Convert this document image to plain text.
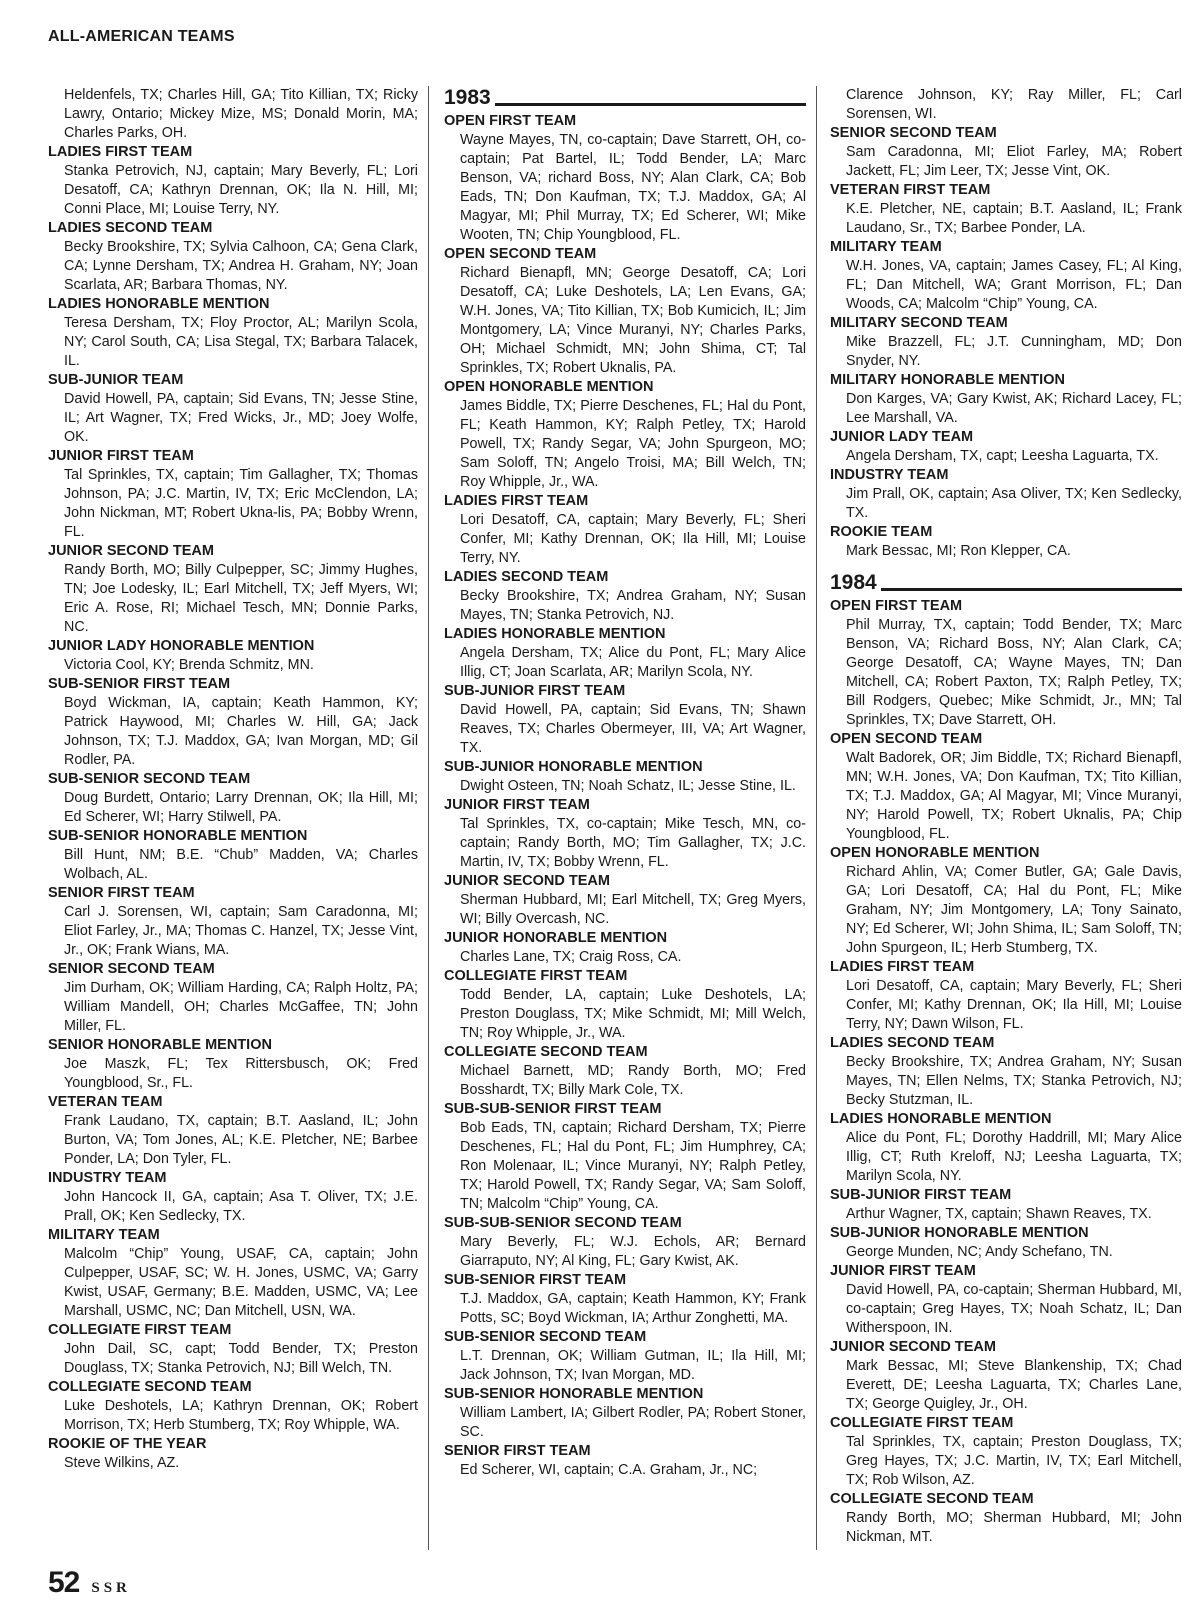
ALL-AMERICAN TEAMS
Heldenfels, TX; Charles Hill, GA; Tito Killian, TX; Ricky Lawry, Ontario; Mickey Mize, MS; Donald Morin, MA; Charles Parks, OH.
LADIES FIRST TEAM
Stanka Petrovich, NJ, captain; Mary Beverly, FL; Lori Desatoff, CA; Kathryn Drennan, OK; Ila N. Hill, MI; Conni Place, MI; Louise Terry, NY.
LADIES SECOND TEAM
Becky Brookshire, TX; Sylvia Calhoon, CA; Gena Clark, CA; Lynne Dersham, TX; Andrea H. Graham, NY; Joan Scarlata, AR; Barbara Thomas, NY.
LADIES HONORABLE MENTION
Teresa Dersham, TX; Floy Proctor, AL; Marilyn Scola, NY; Carol South, CA; Lisa Stegal, TX; Barbara Talacek, IL.
SUB-JUNIOR TEAM
David Howell, PA, captain; Sid Evans, TN; Jesse Stine, IL; Art Wagner, TX; Fred Wicks, Jr., MD; Joey Wolfe, OK.
JUNIOR FIRST TEAM
Tal Sprinkles, TX, captain; Tim Gallagher, TX; Thomas Johnson, PA; J.C. Martin, IV, TX; Eric McClendon, LA; John Nickman, MT; Robert Ukna-lis, PA; Bobby Wrenn, FL.
JUNIOR SECOND TEAM
Randy Borth, MO; Billy Culpepper, SC; Jimmy Hughes, TN; Joe Lodesky, IL; Earl Mitchell, TX; Jeff Myers, WI; Eric A. Rose, RI; Michael Tesch, MN; Donnie Parks, NC.
JUNIOR LADY HONORABLE MENTION
Victoria Cool, KY; Brenda Schmitz, MN.
SUB-SENIOR FIRST TEAM
Boyd Wickman, IA, captain; Keath Hammon, KY; Patrick Haywood, MI; Charles W. Hill, GA; Jack Johnson, TX; T.J. Maddox, GA; Ivan Morgan, MD; Gil Rodler, PA.
SUB-SENIOR SECOND TEAM
Doug Burdett, Ontario; Larry Drennan, OK; Ila Hill, MI; Ed Scherer, WI; Harry Stilwell, PA.
SUB-SENIOR HONORABLE MENTION
Bill Hunt, NM; B.E. “Chub” Madden, VA; Charles Wolbach, AL.
SENIOR FIRST TEAM
Carl J. Sorensen, WI, captain; Sam Caradonna, MI; Eliot Farley, Jr., MA; Thomas C. Hanzel, TX; Jesse Vint, Jr., OK; Frank Wians, MA.
SENIOR SECOND TEAM
Jim Durham, OK; William Harding, CA; Ralph Holtz, PA; William Mandell, OH; Charles McGaffee, TN; John Miller, FL.
SENIOR HONORABLE MENTION
Joe Maszk, FL; Tex Rittersbusch, OK; Fred Youngblood, Sr., FL.
VETERAN TEAM
Frank Laudano, TX, captain; B.T. Aasland, IL; John Burton, VA; Tom Jones, AL; K.E. Pletcher, NE; Barbee Ponder, LA; Don Tyler, FL.
INDUSTRY TEAM
John Hancock II, GA, captain; Asa T. Oliver, TX; J.E. Prall, OK; Ken Sedlecky, TX.
MILITARY TEAM
Malcolm “Chip” Young, USAF, CA, captain; John Culpepper, USAF, SC; W. H. Jones, USMC, VA; Garry Kwist, USAF, Germany; B.E. Madden, USMC, VA; Lee Marshall, USMC, NC; Dan Mitchell, USN, WA.
COLLEGIATE FIRST TEAM
John Dail, SC, capt; Todd Bender, TX; Preston Douglass, TX; Stanka Petrovich, NJ; Bill Welch, TN.
COLLEGIATE SECOND TEAM
Luke Deshotels, LA; Kathryn Drennan, OK; Robert Morrison, TX; Herb Stumberg, TX; Roy Whipple, WA.
ROOKIE OF THE YEAR
Steve Wilkins, AZ.
1983
OPEN FIRST TEAM
Wayne Mayes, TN, co-captain; Dave Starrett, OH, co-captain; Pat Bartel, IL; Todd Bender, LA; Marc Benson, VA; richard Boss, NY; Alan Clark, CA; Bob Eads, TN; Don Kaufman, TX; T.J. Maddox, GA; Al Magyar, MI; Phil Murray, TX; Ed Scherer, WI; Mike Wooten, TN; Chip Youngblood, FL.
OPEN SECOND TEAM
Richard Bienapfl, MN; George Desatoff, CA; Lori Desatoff, CA; Luke Deshotels, LA; Len Evans, GA; W.H. Jones, VA; Tito Killian, TX; Bob Kumicich, IL; Jim Montgomery, LA; Vince Muranyi, NY; Charles Parks, OH; Michael Schmidt, MN; John Shima, CT; Tal Sprinkles, TX; Robert Uknalis, PA.
OPEN HONORABLE MENTION
James Biddle, TX; Pierre Deschenes, FL; Hal du Pont, FL; Keath Hammon, KY; Ralph Petley, TX; Harold Powell, TX; Randy Segar, VA; John Spurgeon, MO; Sam Soloff, TN; Angelo Troisi, MA; Bill Welch, TN; Roy Whipple, Jr., WA.
LADIES FIRST TEAM
Lori Desatoff, CA, captain; Mary Beverly, FL; Sheri Confer, MI; Kathy Drennan, OK; Ila Hill, MI; Louise Terry, NY.
LADIES SECOND TEAM
Becky Brookshire, TX; Andrea Graham, NY; Susan Mayes, TN; Stanka Petrovich, NJ.
LADIES HONORABLE MENTION
Angela Dersham, TX; Alice du Pont, FL; Mary Alice Illig, CT; Joan Scarlata, AR; Marilyn Scola, NY.
SUB-JUNIOR FIRST TEAM
David Howell, PA, captain; Sid Evans, TN; Shawn Reaves, TX; Charles Obermeyer, III, VA; Art Wagner, TX.
SUB-JUNIOR HONORABLE MENTION
Dwight Osteen, TN; Noah Schatz, IL; Jesse Stine, IL.
JUNIOR FIRST TEAM
Tal Sprinkles, TX, co-captain; Mike Tesch, MN, co-captain; Randy Borth, MO; Tim Gallagher, TX; J.C. Martin, IV, TX; Bobby Wrenn, FL.
JUNIOR SECOND TEAM
Sherman Hubbard, MI; Earl Mitchell, TX; Greg Myers, WI; Billy Overcash, NC.
JUNIOR HONORABLE MENTION
Charles Lane, TX; Craig Ross, CA.
COLLEGIATE FIRST TEAM
Todd Bender, LA, captain; Luke Deshotels, LA; Preston Douglass, TX; Mike Schmidt, MI; Mill Welch, TN; Roy Whipple, Jr., WA.
COLLEGIATE SECOND TEAM
Michael Barnett, MD; Randy Borth, MO; Fred Bosshardt, TX; Billy Mark Cole, TX.
SUB-SUB-SENIOR FIRST TEAM
Bob Eads, TN, captain; Richard Dersham, TX; Pierre Deschenes, FL; Hal du Pont, FL; Jim Humphrey, CA; Ron Molenaar, IL; Vince Muranyi, NY; Ralph Petley, TX; Harold Powell, TX; Randy Segar, VA; Sam Soloff, TN; Malcolm “Chip” Young, CA.
SUB-SUB-SENIOR SECOND TEAM
Mary Beverly, FL; W.J. Echols, AR; Bernard Giarraputo, NY; Al King, FL; Gary Kwist, AK.
SUB-SENIOR FIRST TEAM
T.J. Maddox, GA, captain; Keath Hammon, KY; Frank Potts, SC; Boyd Wickman, IA; Arthur Zonghetti, MA.
SUB-SENIOR SECOND TEAM
L.T. Drennan, OK; William Gutman, IL; Ila Hill, MI; Jack Johnson, TX; Ivan Morgan, MD.
SUB-SENIOR HONORABLE MENTION
William Lambert, IA; Gilbert Rodler, PA; Robert Stoner, SC.
SENIOR FIRST TEAM
Ed Scherer, WI, captain; C.A. Graham, Jr., NC;
Clarence Johnson, KY; Ray Miller, FL; Carl Sorensen, WI.
SENIOR SECOND TEAM
Sam Caradonna, MI; Eliot Farley, MA; Robert Jackett, FL; Jim Leer, TX; Jesse Vint, OK.
VETERAN FIRST TEAM
K.E. Pletcher, NE, captain; B.T. Aasland, IL; Frank Laudano, Sr., TX; Barbee Ponder, LA.
MILITARY TEAM
W.H. Jones, VA, captain; James Casey, FL; Al King, FL; Dan Mitchell, WA; Grant Morrison, FL; Dan Woods, CA; Malcolm “Chip” Young, CA.
MILITARY SECOND TEAM
Mike Brazzell, FL; J.T. Cunningham, MD; Don Snyder, NY.
MILITARY HONORABLE MENTION
Don Karges, VA; Gary Kwist, AK; Richard Lacey, FL; Lee Marshall, VA.
JUNIOR LADY TEAM
Angela Dersham, TX, capt; Leesha Laguarta, TX.
INDUSTRY TEAM
Jim Prall, OK, captain; Asa Oliver, TX; Ken Sedlecky, TX.
ROOKIE TEAM
Mark Bessac, MI; Ron Klepper, CA.
1984
OPEN FIRST TEAM
Phil Murray, TX, captain; Todd Bender, TX; Marc Benson, VA; Richard Boss, NY; Alan Clark, CA; George Desatoff, CA; Wayne Mayes, TN; Dan Mitchell, CA; Robert Paxton, TX; Ralph Petley, TX; Bill Rodgers, Quebec; Mike Schmidt, Jr., MN; Tal Sprinkles, TX; Dave Starrett, OH.
OPEN SECOND TEAM
Walt Badorek, OR; Jim Biddle, TX; Richard Bienapfl, MN; W.H. Jones, VA; Don Kaufman, TX; Tito Killian, TX; T.J. Maddox, GA; Al Magyar, MI; Vince Muranyi, NY; Harold Powell, TX; Robert Uknalis, PA; Chip Youngblood, FL.
OPEN HONORABLE MENTION
Richard Ahlin, VA; Comer Butler, GA; Gale Davis, GA; Lori Desatoff, CA; Hal du Pont, FL; Mike Graham, NY; Jim Montgomery, LA; Tony Sainato, NY; Ed Scherer, WI; John Shima, IL; Sam Soloff, TN; John Spurgeon, IL; Herb Stumberg, TX.
LADIES FIRST TEAM
Lori Desatoff, CA, captain; Mary Beverly, FL; Sheri Confer, MI; Kathy Drennan, OK; Ila Hill, MI; Louise Terry, NY; Dawn Wilson, FL.
LADIES SECOND TEAM
Becky Brookshire, TX; Andrea Graham, NY; Susan Mayes, TN; Ellen Nelms, TX; Stanka Petrovich, NJ; Becky Stutzman, IL.
LADIES HONORABLE MENTION
Alice du Pont, FL; Dorothy Haddrill, MI; Mary Alice Illig, CT; Ruth Kreloff, NJ; Leesha Laguarta, TX; Marilyn Scola, NY.
SUB-JUNIOR FIRST TEAM
Arthur Wagner, TX, captain; Shawn Reaves, TX.
SUB-JUNIOR HONORABLE MENTION
George Munden, NC; Andy Schefano, TN.
JUNIOR FIRST TEAM
David Howell, PA, co-captain; Sherman Hubbard, MI, co-captain; Greg Hayes, TX; Noah Schatz, IL; Dan Witherspoon, IN.
JUNIOR SECOND TEAM
Mark Bessac, MI; Steve Blankenship, TX; Chad Everett, DE; Leesha Laguarta, TX; Charles Lane, TX; George Quigley, Jr., OH.
COLLEGIATE FIRST TEAM
Tal Sprinkles, TX, captain; Preston Douglass, TX; Greg Hayes, TX; J.C. Martin, IV, TX; Earl Mitchell, TX; Rob Wilson, AZ.
COLLEGIATE SECOND TEAM
Randy Borth, MO; Sherman Hubbard, MI; John Nickman, MT.
52 SSR
